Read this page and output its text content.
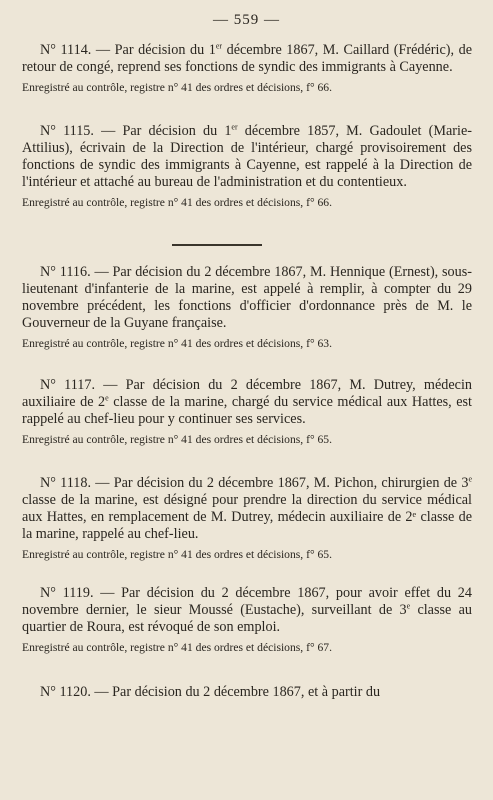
— 559 —

N° 1114. — Par décision du 1er décembre 1867, M. Caillard (Frédéric), de retour de congé, reprend ses fonctions de syndic des immigrants à Cayenne.

Enregistré au contrôle, registre n° 41 des ordres et décisions, f° 66.

N° 1115. — Par décision du 1er décembre 1857, M. Gadoulet (Marie-Attilius), écrivain de la Direction de l'intérieur, chargé provisoirement des fonctions de syndic des immigrants à Cayenne, est rappelé à la Direction de l'intérieur et attaché au bureau de l'administration et du contentieux.

Enregistré au contrôle, registre n° 41 des ordres et décisions, f° 66.

N° 1116. — Par décision du 2 décembre 1867, M. Hennique (Ernest), sous-lieutenant d'infanterie de la marine, est appelé à remplir, à compter du 29 novembre précédent, les fonctions d'officier d'ordonnance près de M. le Gouverneur de la Guyane française.

Enregistré au contrôle, registre n° 41 des ordres et décisions, f° 63.

N° 1117. — Par décision du 2 décembre 1867, M. Dutrey, médecin auxiliaire de 2e classe de la marine, chargé du service médical aux Hattes, est rappelé au chef-lieu pour y continuer ses services.

Enregistré au contrôle, registre n° 41 des ordres et décisions, f° 65.

N° 1118. — Par décision du 2 décembre 1867, M. Pichon, chirurgien de 3e classe de la marine, est désigné pour prendre la direction du service médical aux Hattes, en remplacement de M. Dutrey, médecin auxiliaire de 2ᵉ classe de la marine, rappelé au chef-lieu.

Enregistré au contrôle, registre n° 41 des ordres et décisions, f° 65.

N° 1119. — Par décision du 2 décembre 1867, pour avoir effet du 24 novembre dernier, le sieur Moussé (Eustache), surveillant de 3e classe au quartier de Roura, est révoqué de son emploi.

Enregistré au contrôle, registre n° 41 des ordres et décisions, f° 67.

N° 1120. — Par décision du 2 décembre 1867, et à partir du
